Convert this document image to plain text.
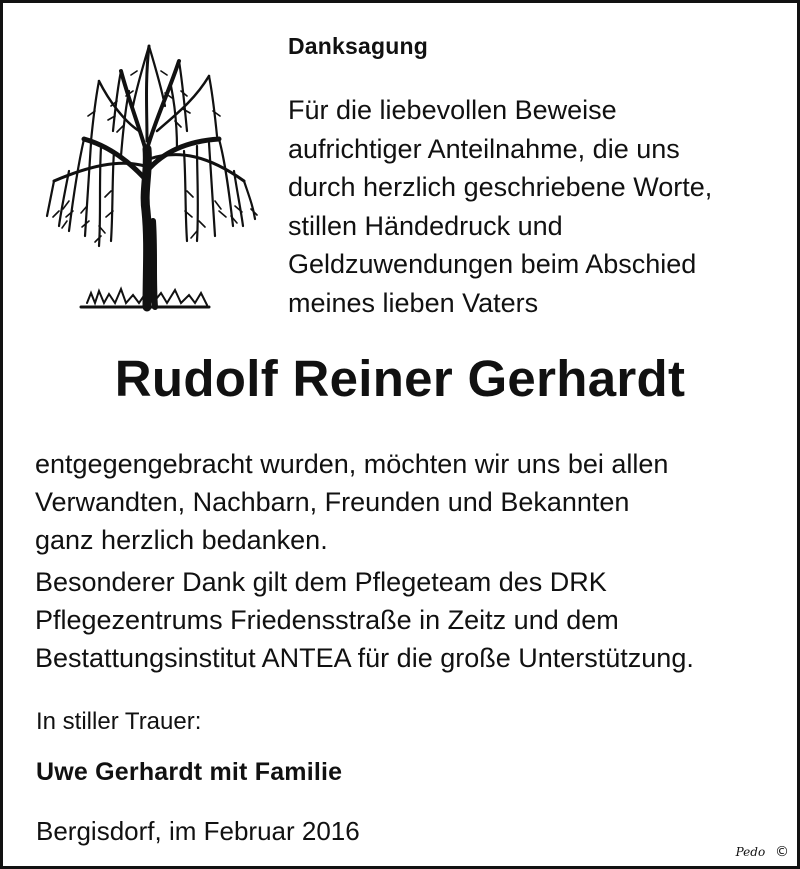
Danksagung
Für die liebevollen Beweise
aufrichtiger Anteilnahme, die uns
durch herzlich geschriebene Worte,
stillen Händedruck und
Geldzuwendungen beim Abschied
meines lieben Vaters
Rudolf Reiner Gerhardt
entgegengebracht wurden, möchten wir uns bei allen
Verwandten, Nachbarn, Freunden und Bekannten
ganz herzlich bedanken.
Besonderer Dank gilt dem Pflegeteam des DRK
Pflegezentrums Friedensstraße in Zeitz und dem
Bestattungsinstitut ANTEA für die große Unterstützung.
In stiller Trauer:
Uwe Gerhardt mit Familie
Bergisdorf, im Februar 2016
Pedo ©
